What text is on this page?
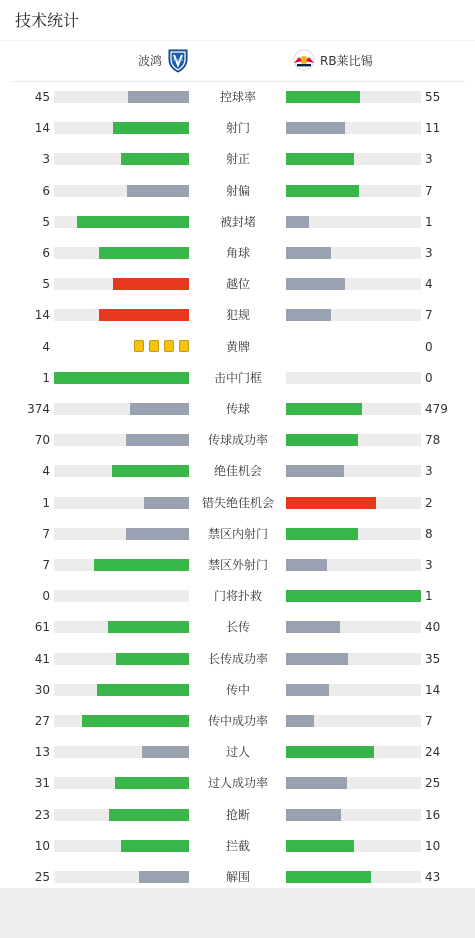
技术统计
波鸿	RB莱比锡
45	控球率	55
14	射门	11
3	射正	3
6	射偏	7
5	被封堵	1
6	角球	3
5	越位	4
14	犯规	7
4	黄牌	0
1	击中门框	0
374	传球	479
70	传球成功率	78
4	绝佳机会	3
1	错失绝佳机会	2
7	禁区内射门	8
7	禁区外射门	3
0	门将扑救	1
61	长传	40
41	长传成功率	35
30	传中	14
27	传中成功率	7
13	过人	24
31	过人成功率	25
23	抢断	16
10	拦截	10
25	解围	43
